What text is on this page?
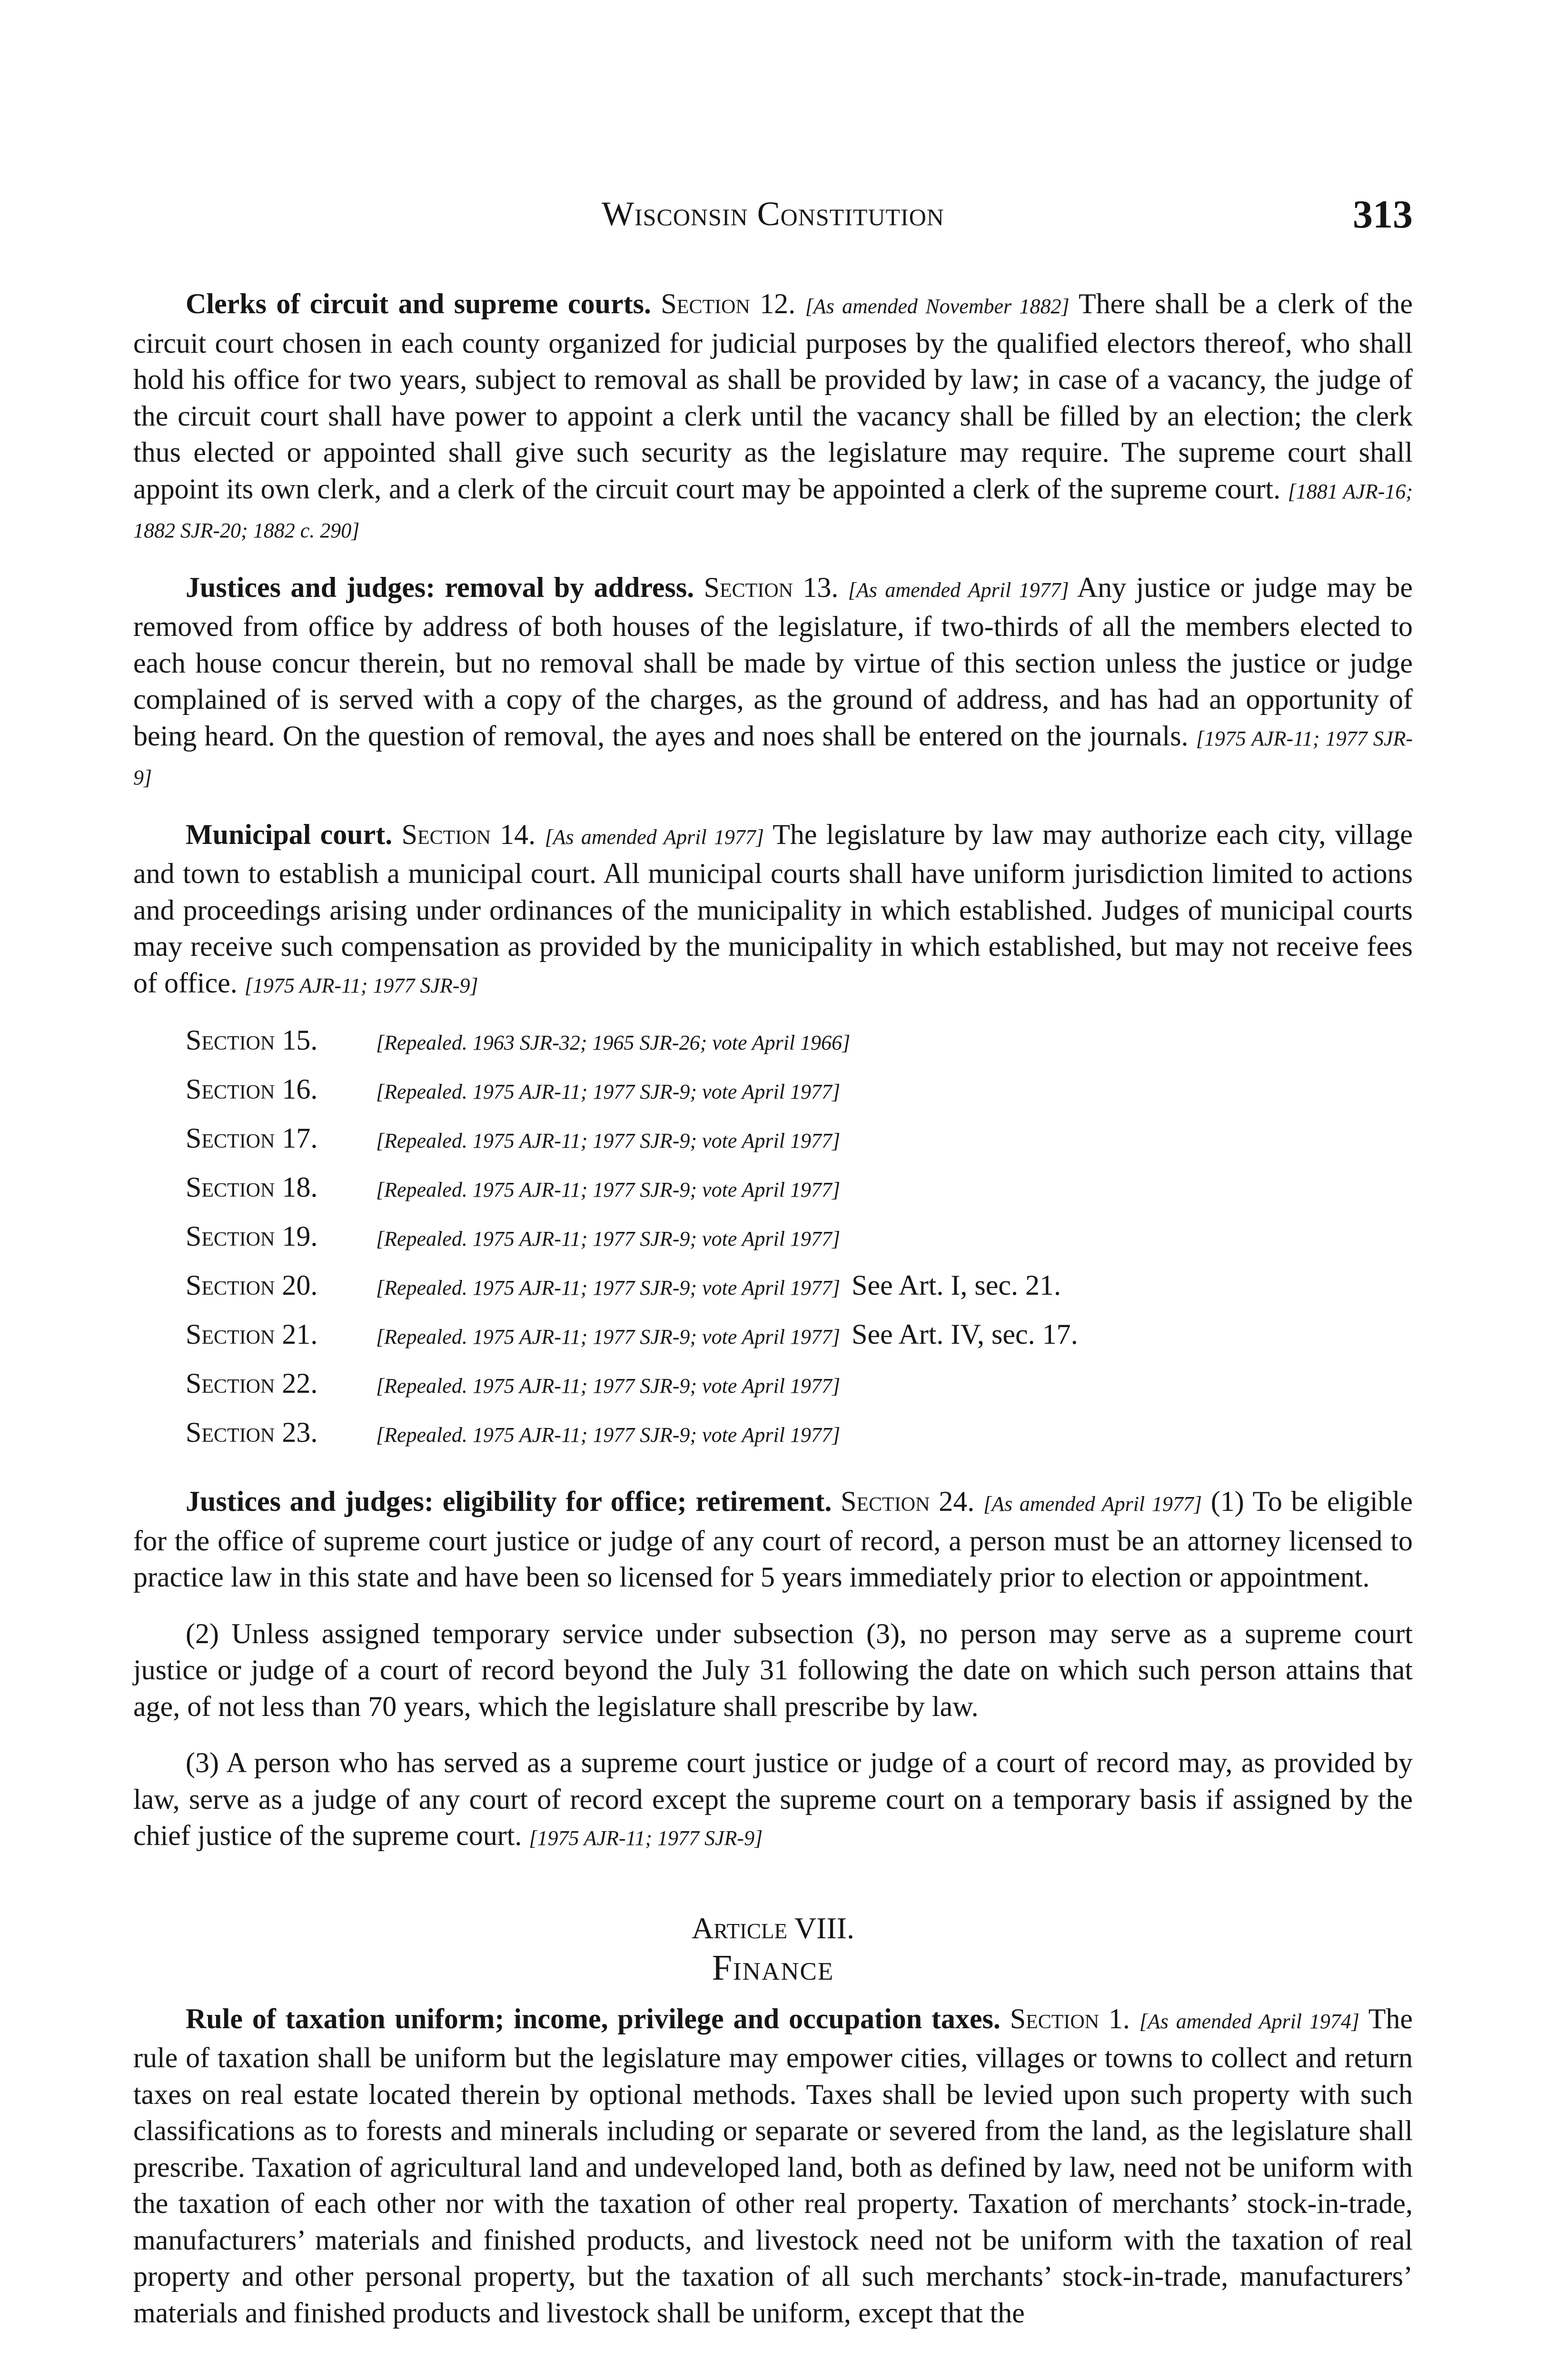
Wisconsin Constitution	313

Clerks of circuit and supreme courts. Section 12. [As amended November 1882] There shall be a clerk of the circuit court chosen in each county organized for judicial purposes by the qualified electors thereof, who shall hold his office for two years, subject to removal as shall be provided by law; in case of a vacancy, the judge of the circuit court shall have power to appoint a clerk until the vacancy shall be filled by an election; the clerk thus elected or appointed shall give such security as the legislature may require. The supreme court shall appoint its own clerk, and a clerk of the circuit court may be appointed a clerk of the supreme court. [1881 AJR-16; 1882 SJR-20; 1882 c. 290]

Justices and judges: removal by address. Section 13. [As amended April 1977] Any justice or judge may be removed from office by address of both houses of the legislature, if two-thirds of all the members elected to each house concur therein, but no removal shall be made by virtue of this section unless the justice or judge complained of is served with a copy of the charges, as the ground of address, and has had an opportunity of being heard. On the question of removal, the ayes and noes shall be entered on the journals. [1975 AJR-11; 1977 SJR-9]

Municipal court. Section 14. [As amended April 1977] The legislature by law may authorize each city, village and town to establish a municipal court. All municipal courts shall have uniform jurisdiction limited to actions and proceedings arising under ordinances of the municipality in which established. Judges of municipal courts may receive such compensation as provided by the municipality in which established, but may not receive fees of office. [1975 AJR-11; 1977 SJR-9]

Section 15.	[Repealed. 1963 SJR-32; 1965 SJR-26; vote April 1966]
Section 16.	[Repealed. 1975 AJR-11; 1977 SJR-9; vote April 1977]
Section 17.	[Repealed. 1975 AJR-11; 1977 SJR-9; vote April 1977]
Section 18.	[Repealed. 1975 AJR-11; 1977 SJR-9; vote April 1977]
Section 19.	[Repealed. 1975 AJR-11; 1977 SJR-9; vote April 1977]
Section 20.	[Repealed. 1975 AJR-11; 1977 SJR-9; vote April 1977] See Art. I, sec. 21.
Section 21.	[Repealed. 1975 AJR-11; 1977 SJR-9; vote April 1977] See Art. IV, sec. 17.
Section 22.	[Repealed. 1975 AJR-11; 1977 SJR-9; vote April 1977]
Section 23.	[Repealed. 1975 AJR-11; 1977 SJR-9; vote April 1977]

Justices and judges: eligibility for office; retirement. Section 24. [As amended April 1977] (1) To be eligible for the office of supreme court justice or judge of any court of record, a person must be an attorney licensed to practice law in this state and have been so licensed for 5 years immediately prior to election or appointment.

(2) Unless assigned temporary service under subsection (3), no person may serve as a supreme court justice or judge of a court of record beyond the July 31 following the date on which such person attains that age, of not less than 70 years, which the legislature shall prescribe by law.

(3) A person who has served as a supreme court justice or judge of a court of record may, as provided by law, serve as a judge of any court of record except the supreme court on a temporary basis if assigned by the chief justice of the supreme court. [1975 AJR-11; 1977 SJR-9]

Article VIII.
Finance

Rule of taxation uniform; income, privilege and occupation taxes. Section 1. [As amended April 1974] The rule of taxation shall be uniform but the legislature may empower cities, villages or towns to collect and return taxes on real estate located therein by optional methods. Taxes shall be levied upon such property with such classifications as to forests and minerals including or separate or severed from the land, as the legislature shall prescribe. Taxation of agricultural land and undeveloped land, both as defined by law, need not be uniform with the taxation of each other nor with the taxation of other real property. Taxation of merchants’ stock-in-trade, manufacturers’ materials and finished products, and livestock need not be uniform with the taxation of real property and other personal property, but the taxation of all such merchants’ stock-in-trade, manufacturers’ materials and finished products and livestock shall be uniform, except that the
